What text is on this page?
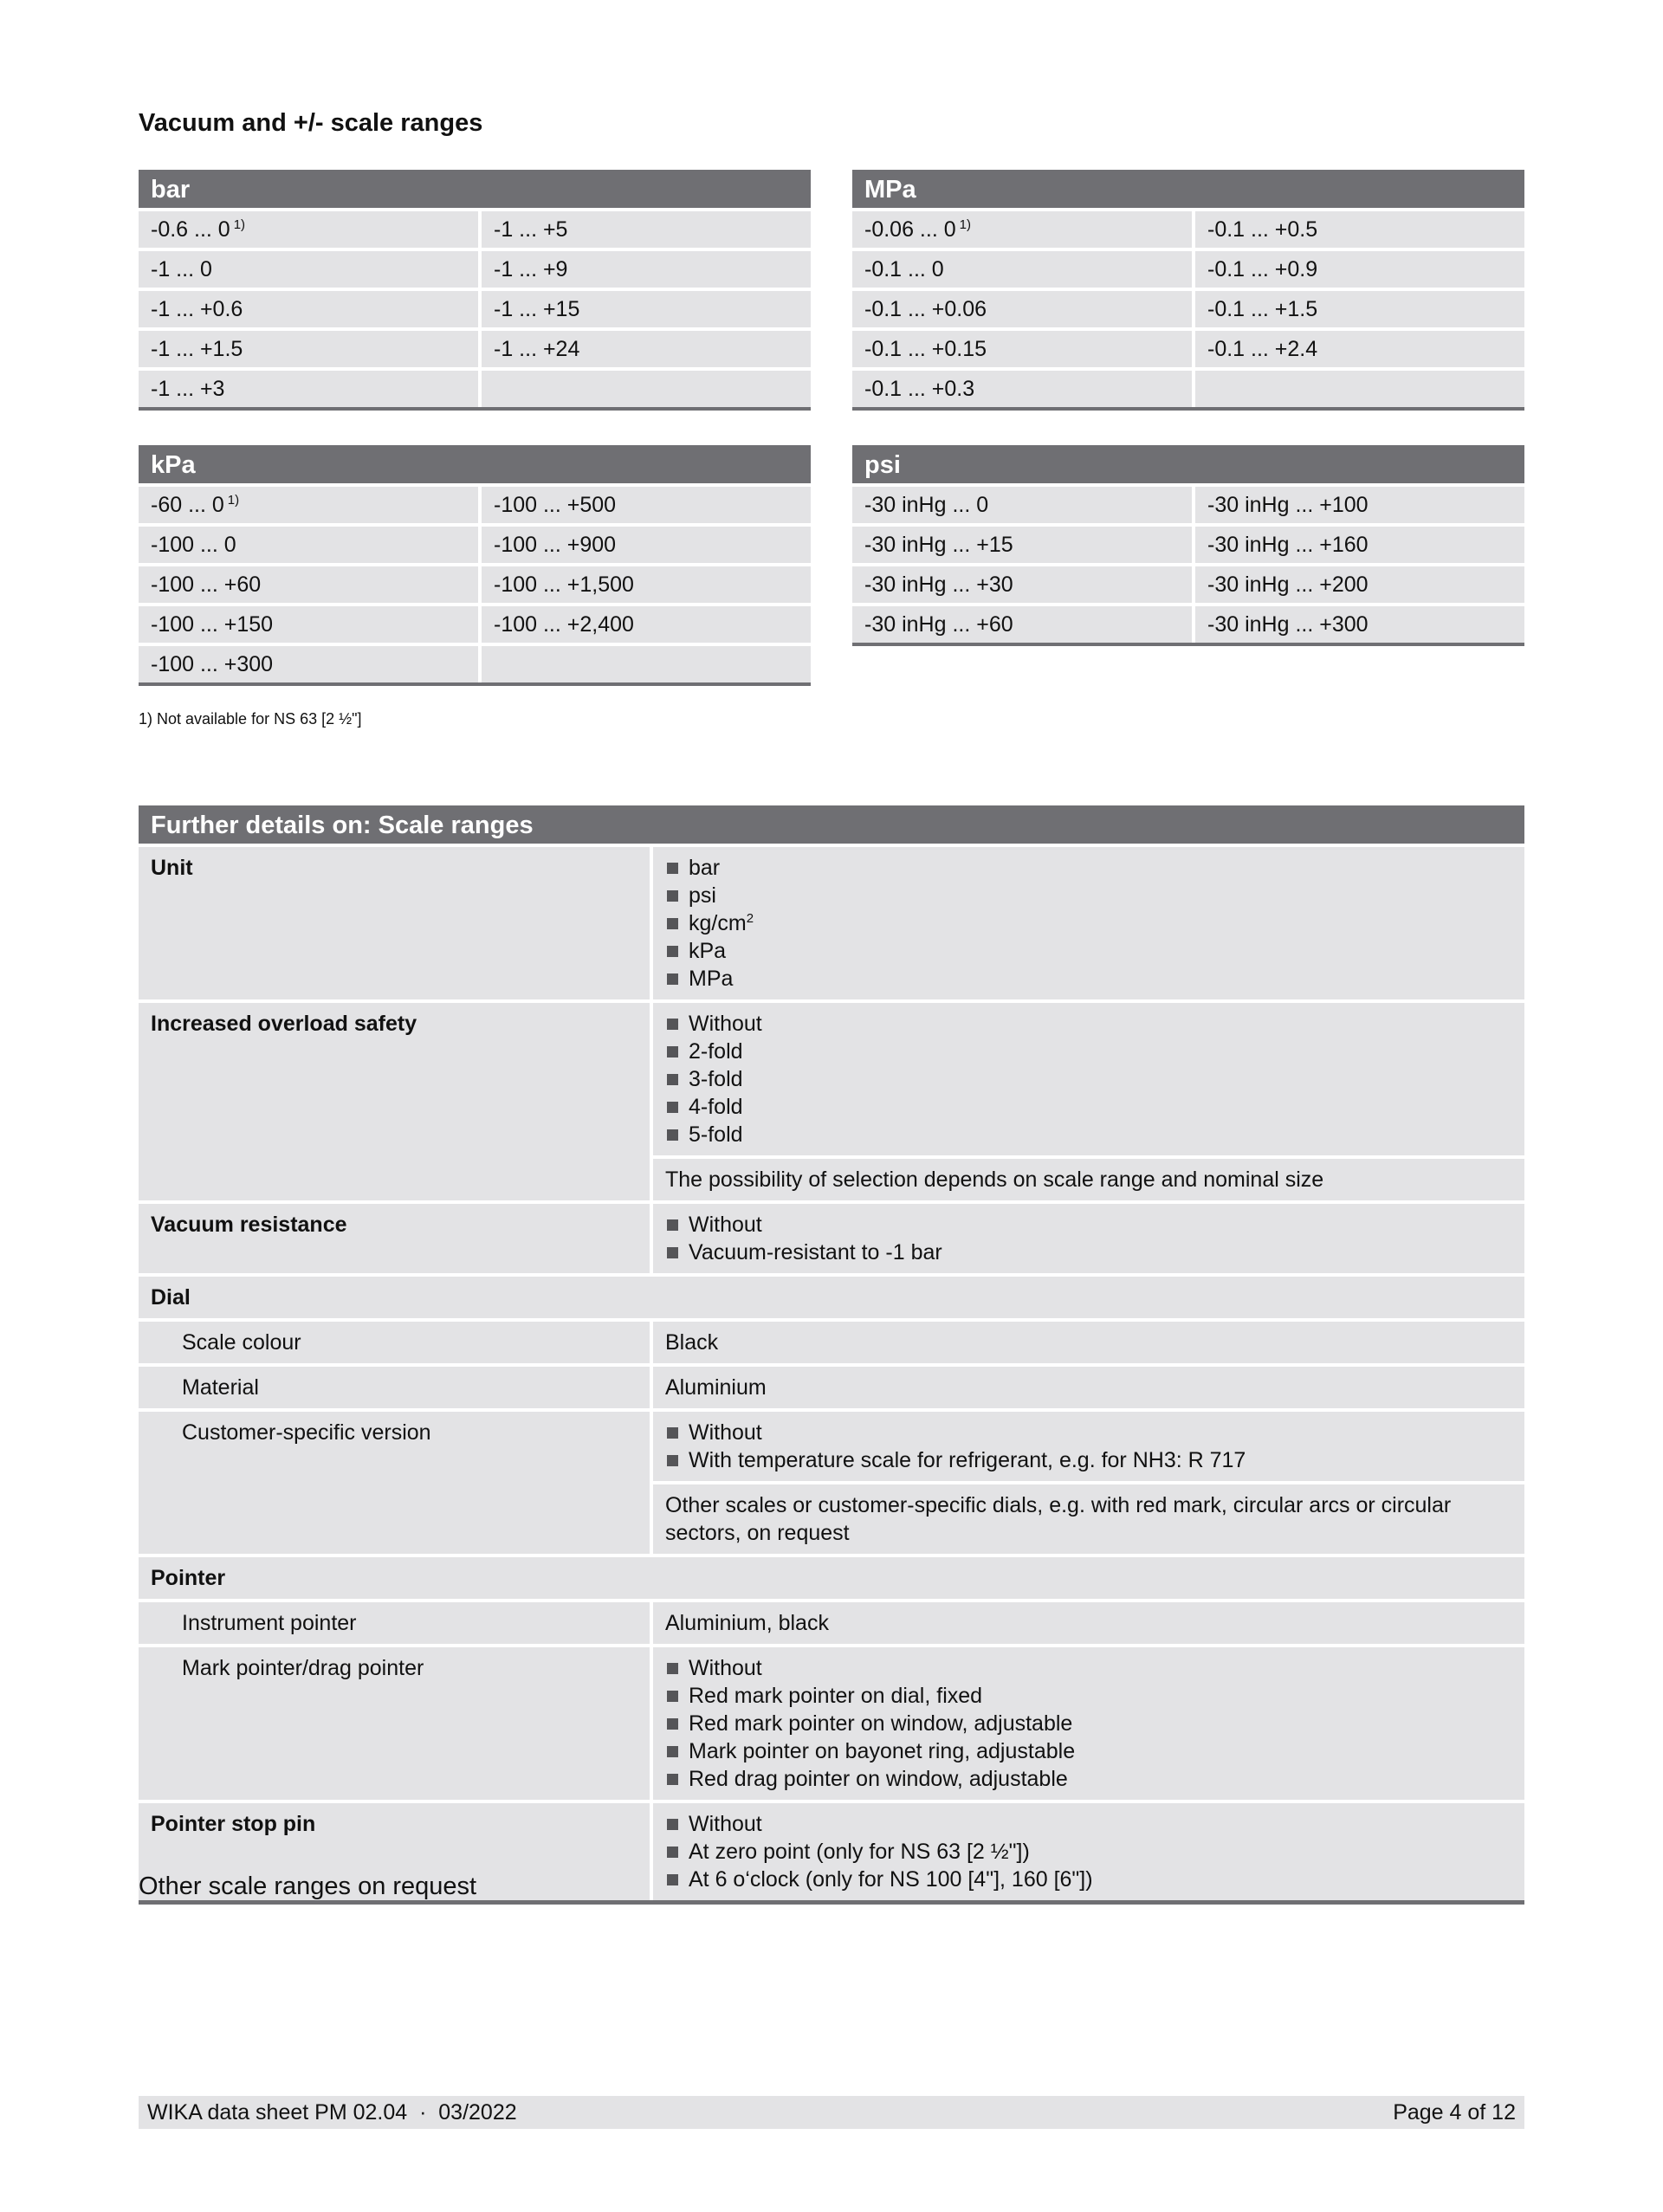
Vacuum and +/- scale ranges
bar
-0.6 ... 0 $^{1)}$	-1 ... +5
-1 ... 0	-1 ... +9
-1 ... +0.6	-1 ... +15
-1 ... +1.5	-1 ... +24
-1 ... +3
MPa
-0.06 ... 0 $^{1)}$	-0.1 ... +0.5
-0.1 ... 0	-0.1 ... +0.9
-0.1 ... +0.06	-0.1 ... +1.5
-0.1 ... +0.15	-0.1 ... +2.4
-0.1 ... +0.3
kPa
-60 ... 0 $^{1)}$	-100 ... +500
-100 ... 0	-100 ... +900
-100 ... +60	-100 ... +1,500
-100 ... +150	-100 ... +2,400
-100 ... +300
psi
-30 inHg ... 0	-30 inHg ... +100
-30 inHg ... +15	-30 inHg ... +160
-30 inHg ... +30	-30 inHg ... +200
-30 inHg ... +60	-30 inHg ... +300

1) Not available for NS 63 [2 ½"]

Further details on: Scale ranges
Unit	bar
psi
$kg/cm^2$
kPa
MPa
Increased overload safety	Without
2-fold
3-fold
4-fold
5-fold
The possibility of selection depends on scale range and nominal size
Vacuum resistance	Without
Vacuum-resistant to -1 bar
Dial
Scale colour	Black
Material	Aluminium
Customer-specific version	Without
With temperature scale for refrigerant, e.g. for NH3: R 717
Other scales or customer-specific dials, e.g. with red mark, circular arcs or circular sectors, on request
Pointer
Instrument pointer	Aluminium, black
Mark pointer/drag pointer	Without
Red mark pointer on dial, fixed
Red mark pointer on window, adjustable
Mark pointer on bayonet ring, adjustable
Red drag pointer on window, adjustable
Pointer stop pin	Without
At zero point (only for NS 63 [2 ½"])
At 6 o‘clock (only for NS 100 [4"], 160 [6"])

Other scale ranges on request

WIKA data sheet PM 02.04  ·  03/2022	Page 4 of 12
